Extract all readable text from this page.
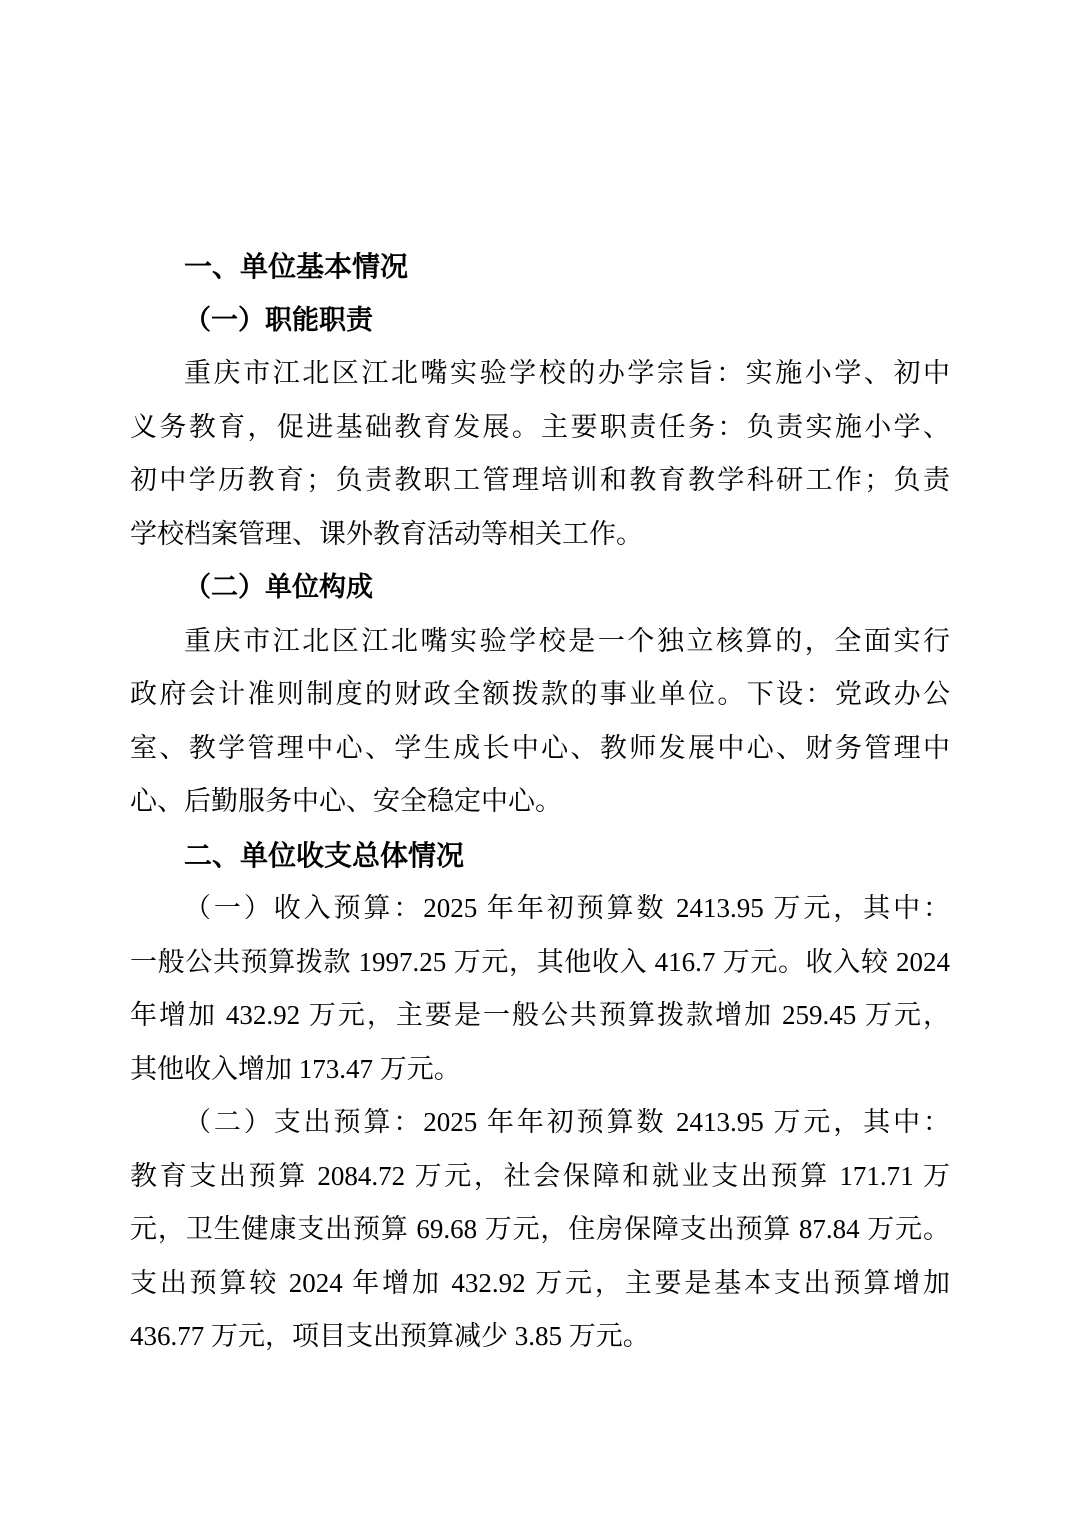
一、单位基本情况
（一）职能职责
重庆市江北区江北嘴实验学校的办学宗旨：实施小学、初中
义务教育，促进基础教育发展。主要职责任务：负责实施小学、
初中学历教育；负责教职工管理培训和教育教学科研工作；负责
学校档案管理、课外教育活动等相关工作。
（二）单位构成
重庆市江北区江北嘴实验学校是一个独立核算的，全面实行
政府会计准则制度的财政全额拨款的事业单位。下设：党政办公
室、教学管理中心、学生成长中心、教师发展中心、财务管理中
心、后勤服务中心、安全稳定中心。
二、单位收支总体情况
（一）收入预算：2025 年年初预算数 2413.95 万元，其中：
一般公共预算拨款 1997.25 万元，其他收入 416.7 万元。收入较 2024
年增加 432.92 万元，主要是一般公共预算拨款增加 259.45 万元，
其他收入增加 173.47 万元。
（二）支出预算：2025 年年初预算数 2413.95 万元，其中：
教育支出预算 2084.72 万元，社会保障和就业支出预算 171.71 万
元，卫生健康支出预算 69.68 万元，住房保障支出预算 87.84 万元。
支出预算较 2024 年增加 432.92 万元，主要是基本支出预算增加
436.77 万元，项目支出预算减少 3.85 万元。
